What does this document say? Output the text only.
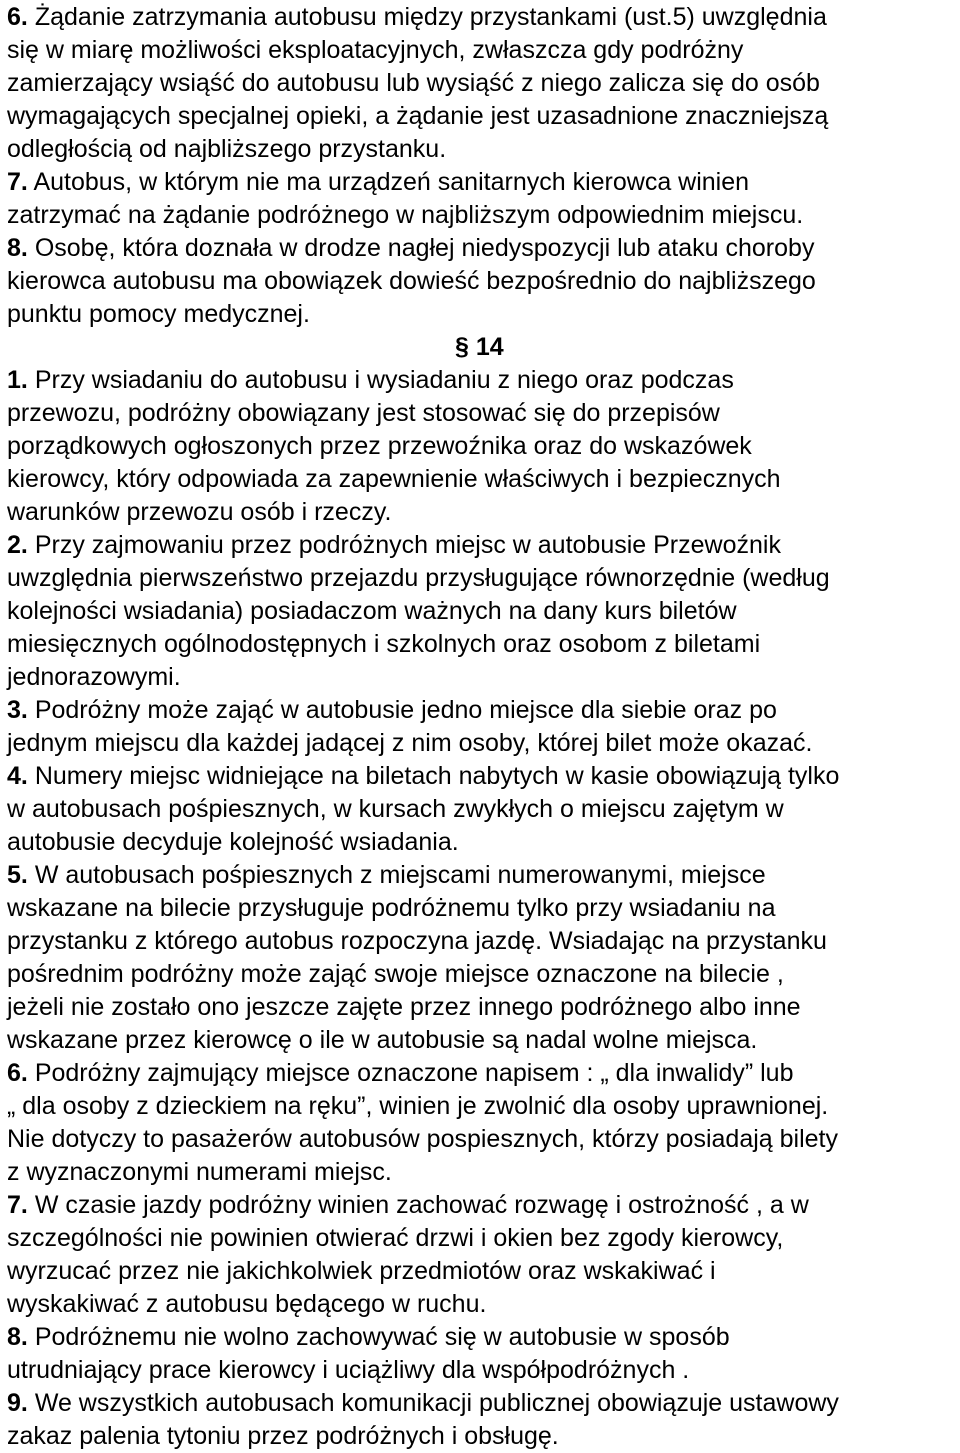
6. Żądanie zatrzymania autobusu między przystankami (ust.5) uwzględnia
się w miarę możliwości eksploatacyjnych, zwłaszcza gdy podróżny
zamierzający wsiąść do autobusu lub wysiąść z niego zalicza się do osób
wymagających specjalnej opieki, a żądanie jest uzasadnione znaczniejszą
odległością od najbliższego przystanku.

7. Autobus, w którym nie ma urządzeń sanitarnych kierowca winien
zatrzymać na żądanie podróżnego w najbliższym odpowiednim miejscu.

8. Osobę, która doznała w drodze nagłej niedyspozycji lub ataku choroby
kierowca autobusu ma obowiązek dowieść bezpośrednio do najbliższego
punktu pomocy medycznej.

§ 14

1. Przy wsiadaniu do autobusu i wysiadaniu z niego oraz podczas
przewozu, podróżny obowiązany jest stosować się do przepisów
porządkowych ogłoszonych przez przewoźnika oraz do wskazówek
kierowcy, który odpowiada za zapewnienie właściwych i bezpiecznych
warunków przewozu osób i rzeczy.

2. Przy zajmowaniu przez podróżnych miejsc w autobusie Przewoźnik
uwzględnia pierwszeństwo przejazdu przysługujące równorzędnie (według
kolejności wsiadania) posiadaczom ważnych na dany kurs biletów
miesięcznych ogólnodostępnych i szkolnych oraz osobom z biletami
jednorazowymi.

3. Podróżny może zająć w autobusie jedno miejsce dla siebie oraz po
jednym miejscu dla każdej jadącej z nim osoby, której bilet może okazać.

4. Numery miejsc widniejące na biletach nabytych w kasie obowiązują tylko
w autobusach pośpiesznych, w kursach zwykłych o miejscu zajętym w
autobusie decyduje kolejność wsiadania.

5. W autobusach pośpiesznych z miejscami numerowanymi, miejsce
wskazane na bilecie przysługuje podróżnemu tylko przy wsiadaniu na
przystanku z którego autobus rozpoczyna jazdę. Wsiadając na przystanku
pośrednim podróżny może zająć swoje miejsce oznaczone na bilecie ,
jeżeli nie zostało ono jeszcze zajęte przez innego podróżnego albo inne
wskazane przez kierowcę o ile w autobusie są nadal wolne miejsca.

6. Podróżny zajmujący miejsce oznaczone napisem : „ dla inwalidy” lub
„ dla osoby z dzieckiem na ręku”, winien je zwolnić dla osoby uprawnionej.
Nie dotyczy to pasażerów autobusów pospiesznych, którzy posiadają bilety
z wyznaczonymi numerami miejsc.

7. W czasie jazdy podróżny winien zachować rozwagę i ostrożność , a w
szczególności nie powinien otwierać drzwi i okien bez zgody kierowcy,
wyrzucać przez nie jakichkolwiek przedmiotów oraz wskakiwać i
wyskakiwać z autobusu będącego w ruchu.

8. Podróżnemu nie wolno zachowywać się w autobusie w sposób
utrudniający prace kierowcy i uciążliwy dla współpodróżnych .

9. We wszystkich autobusach komunikacji publicznej obowiązuje ustawowy
zakaz palenia tytoniu przez podróżnych i obsługę.
